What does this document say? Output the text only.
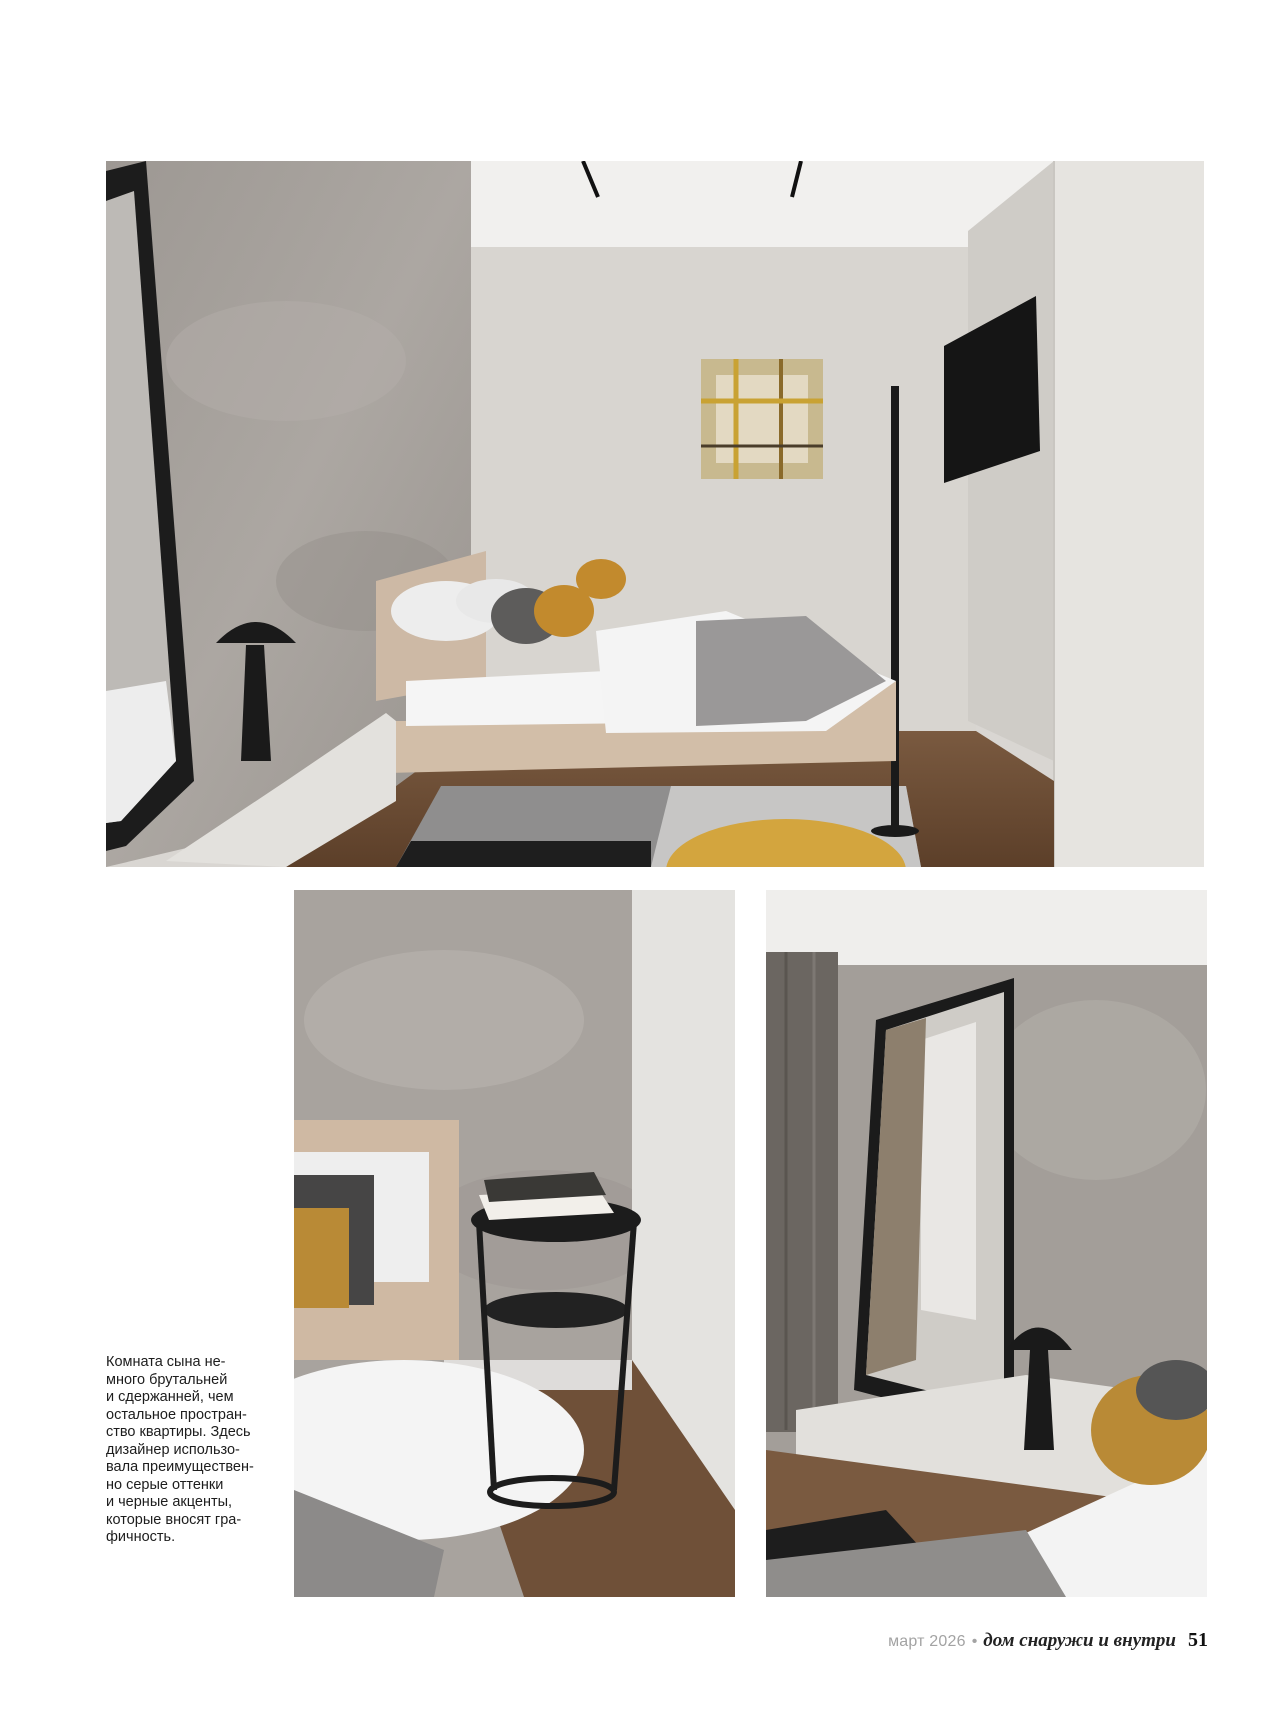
Комната сына не-
много брутальней
и сдержанней, чем
остальное простран-
ство квартиры. Здесь
дизайнер использо-
вала преимуществен-
но серые оттенки
и черные акценты,
которые вносят гра-
фичность.
март 2026 • дом снаружи и внутри 51
